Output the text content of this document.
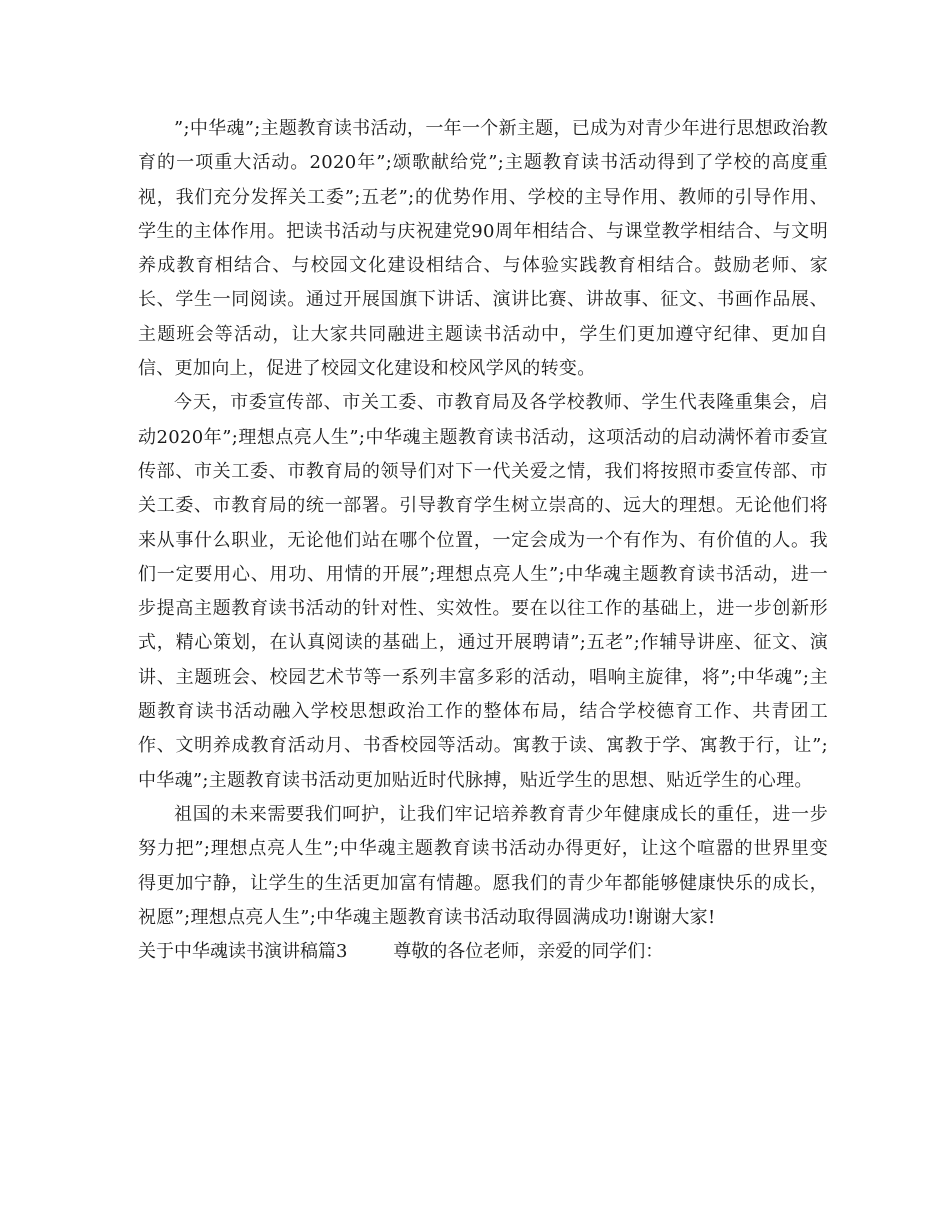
”;中华魂”;主题教育读书活动，一年一个新主题，已成为对青少年进行思想政治教育的一项重大活动。2020年”;颂歌献给党”;主题教育读书活动得到了学校的高度重视，我们充分发挥关工委”;五老”;的优势作用、学校的主导作用、教师的引导作用、学生的主体作用。把读书活动与庆祝建党90周年相结合、与课堂教学相结合、与文明养成教育相结合、与校园文化建设相结合、与体验实践教育相结合。鼓励老师、家长、学生一同阅读。通过开展国旗下讲话、演讲比赛、讲故事、征文、书画作品展、主题班会等活动，让大家共同融进主题读书活动中，学生们更加遵守纪律、更加自信、更加向上，促进了校园文化建设和校风学风的转变。

今天，市委宣传部、市关工委、市教育局及各学校教师、学生代表隆重集会，启动2020年”;理想点亮人生”;中华魂主题教育读书活动，这项活动的启动满怀着市委宣传部、市关工委、市教育局的领导们对下一代关爱之情，我们将按照市委宣传部、市关工委、市教育局的统一部署。引导教育学生树立崇高的、远大的理想。无论他们将来从事什么职业，无论他们站在哪个位置，一定会成为一个有作为、有价值的人。我们一定要用心、用功、用情的开展”;理想点亮人生”;中华魂主题教育读书活动，进一步提高主题教育读书活动的针对性、实效性。要在以往工作的基础上，进一步创新形式，精心策划，在认真阅读的基础上，通过开展聘请”;五老”;作辅导讲座、征文、演讲、主题班会、校园艺术节等一系列丰富多彩的活动，唱响主旋律，将”;中华魂”;主题教育读书活动融入学校思想政治工作的整体布局，结合学校德育工作、共青团工作、文明养成教育活动月、书香校园等活动。寓教于读、寓教于学、寓教于行，让”;中华魂”;主题教育读书活动更加贴近时代脉搏，贴近学生的思想、贴近学生的心理。

祖国的未来需要我们呵护，让我们牢记培养教育青少年健康成长的重任，进一步努力把”;理想点亮人生”;中华魂主题教育读书活动办得更好，让这个喧嚣的世界里变得更加宁静，让学生的生活更加富有情趣。愿我们的青少年都能够健康快乐的成长，祝愿”;理想点亮人生”;中华魂主题教育读书活动取得圆满成功!谢谢大家!

关于中华魂读书演讲稿篇3	尊敬的各位老师，亲爱的同学们：
